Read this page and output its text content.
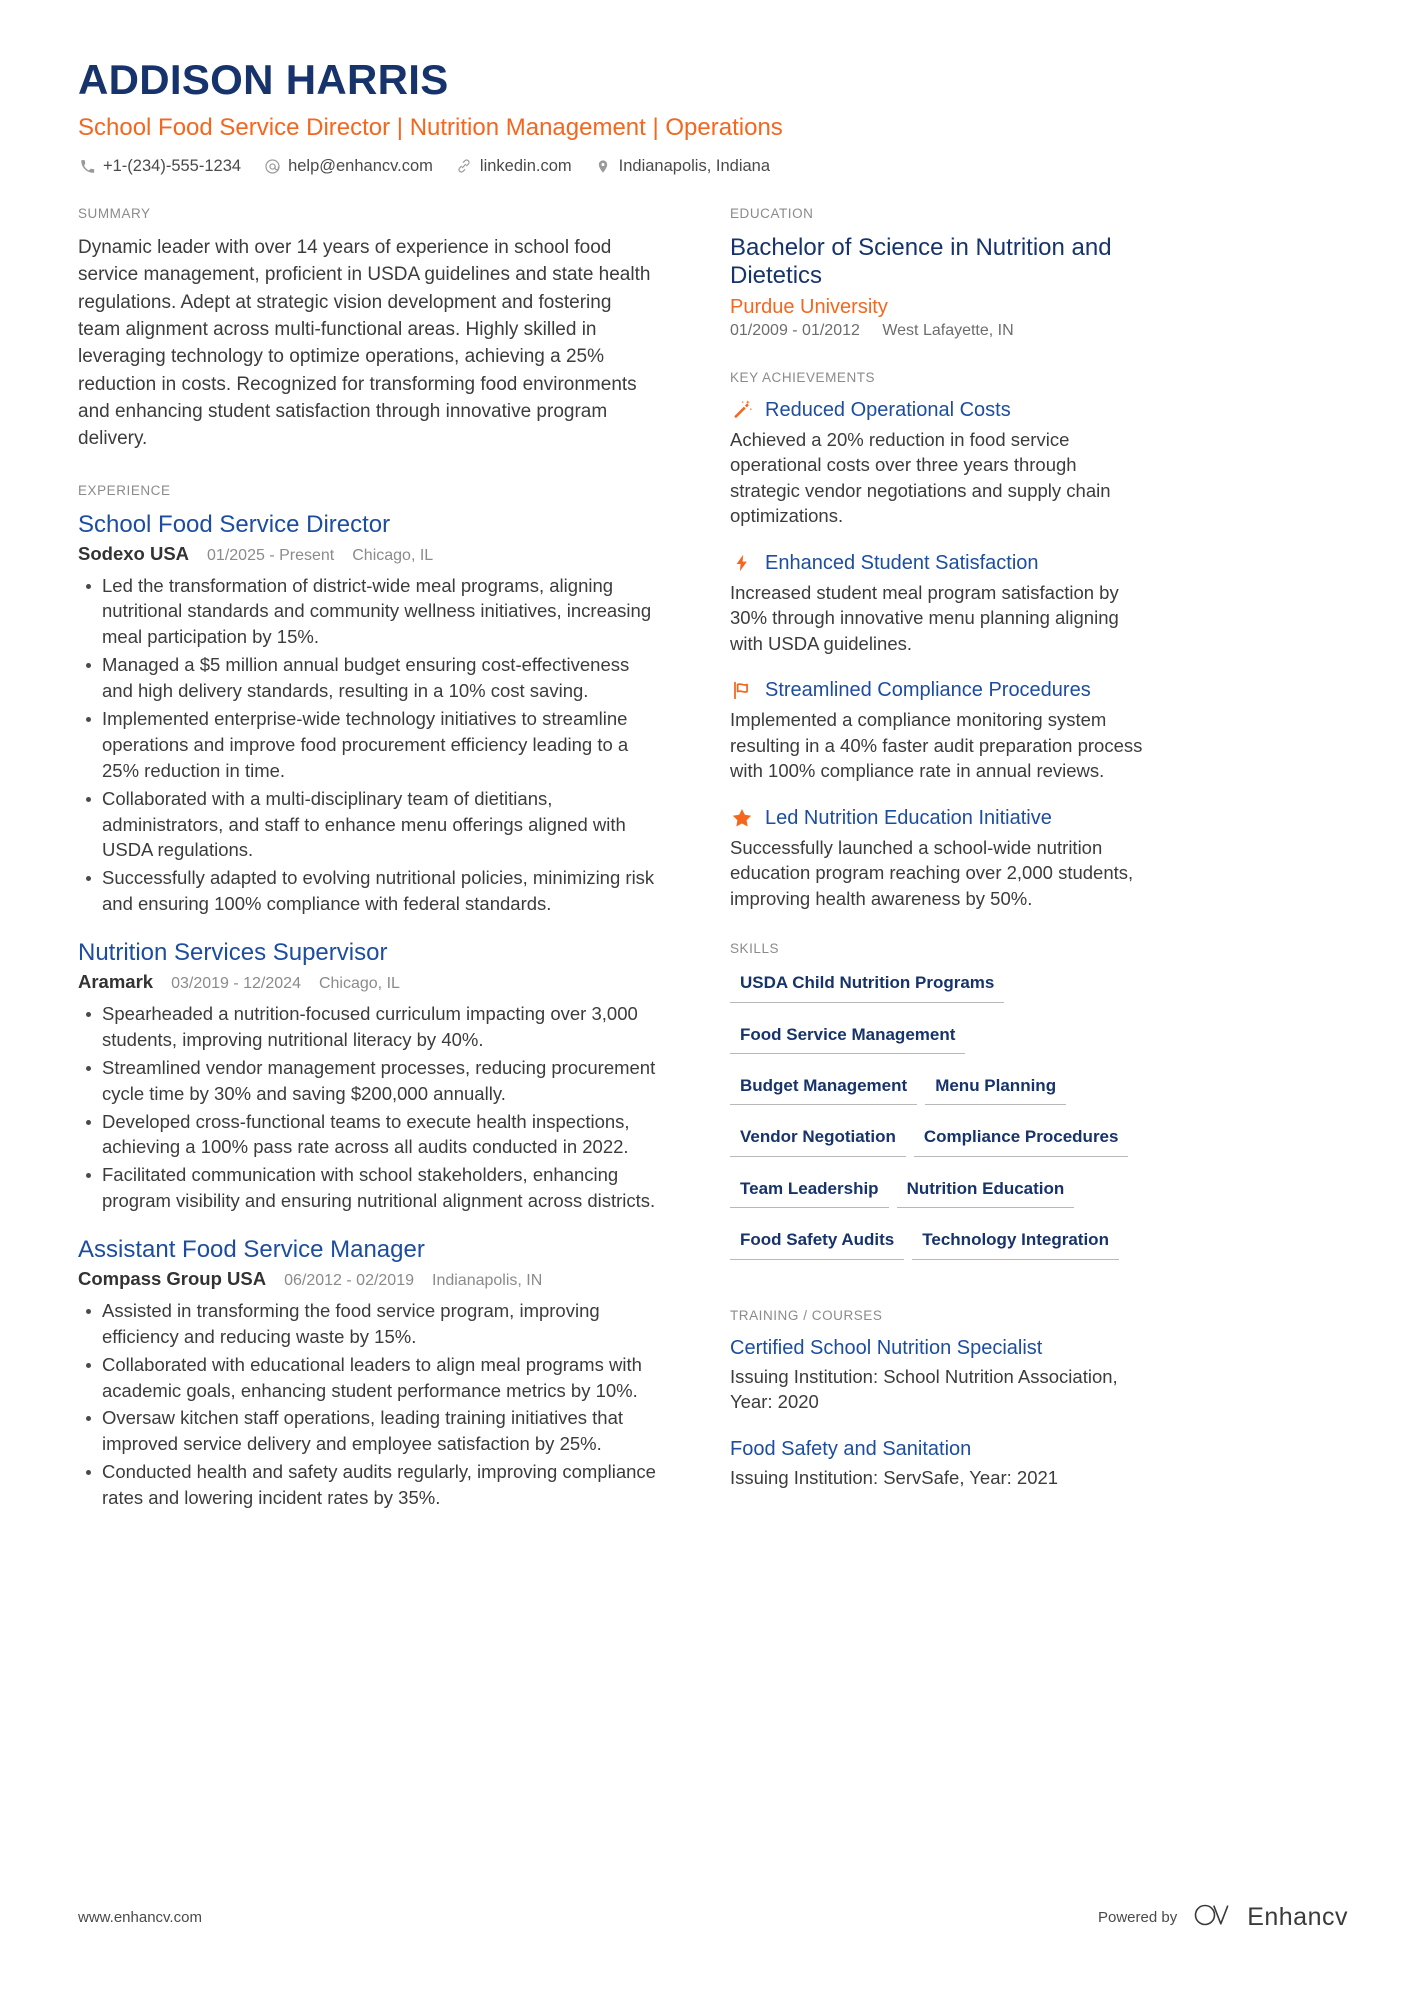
ADDISON HARRIS
School Food Service Director | Nutrition Management | Operations
+1-(234)-555-1234	help@enhancv.com	linkedin.com	Indianapolis, Indiana
SUMMARY
Dynamic leader with over 14 years of experience in school food service management, proficient in USDA guidelines and state health regulations. Adept at strategic vision development and fostering team alignment across multi-functional areas. Highly skilled in leveraging technology to optimize operations, achieving a 25% reduction in costs. Recognized for transforming food environments and enhancing student satisfaction through innovative program delivery.
EXPERIENCE
School Food Service Director
Sodexo USA 01/2025 - Present Chicago, IL
Led the transformation of district-wide meal programs, aligning nutritional standards and community wellness initiatives, increasing meal participation by 15%.
Managed a $5 million annual budget ensuring cost-effectiveness and high delivery standards, resulting in a 10% cost saving.
Implemented enterprise-wide technology initiatives to streamline operations and improve food procurement efficiency leading to a 25% reduction in time.
Collaborated with a multi-disciplinary team of dietitians, administrators, and staff to enhance menu offerings aligned with USDA regulations.
Successfully adapted to evolving nutritional policies, minimizing risk and ensuring 100% compliance with federal standards.
Nutrition Services Supervisor
Aramark 03/2019 - 12/2024 Chicago, IL
Spearheaded a nutrition-focused curriculum impacting over 3,000 students, improving nutritional literacy by 40%.
Streamlined vendor management processes, reducing procurement cycle time by 30% and saving $200,000 annually.
Developed cross-functional teams to execute health inspections, achieving a 100% pass rate across all audits conducted in 2022.
Facilitated communication with school stakeholders, enhancing program visibility and ensuring nutritional alignment across districts.
Assistant Food Service Manager
Compass Group USA 06/2012 - 02/2019 Indianapolis, IN
Assisted in transforming the food service program, improving efficiency and reducing waste by 15%.
Collaborated with educational leaders to align meal programs with academic goals, enhancing student performance metrics by 10%.
Oversaw kitchen staff operations, leading training initiatives that improved service delivery and employee satisfaction by 25%.
Conducted health and safety audits regularly, improving compliance rates and lowering incident rates by 35%.
EDUCATION
Bachelor of Science in Nutrition and Dietetics
Purdue University
01/2009 - 01/2012 West Lafayette, IN
KEY ACHIEVEMENTS
Reduced Operational Costs
Achieved a 20% reduction in food service operational costs over three years through strategic vendor negotiations and supply chain optimizations.
Enhanced Student Satisfaction
Increased student meal program satisfaction by 30% through innovative menu planning aligning with USDA guidelines.
Streamlined Compliance Procedures
Implemented a compliance monitoring system resulting in a 40% faster audit preparation process with 100% compliance rate in annual reviews.
Led Nutrition Education Initiative
Successfully launched a school-wide nutrition education program reaching over 2,000 students, improving health awareness by 50%.
SKILLS
USDA Child Nutrition Programs
Food Service Management
Budget Management	Menu Planning
Vendor Negotiation	Compliance Procedures
Team Leadership	Nutrition Education
Food Safety Audits	Technology Integration
TRAINING / COURSES
Certified School Nutrition Specialist
Issuing Institution: School Nutrition Association, Year: 2020
Food Safety and Sanitation
Issuing Institution: ServSafe, Year: 2021
www.enhancv.com	Powered by	Enhancv
